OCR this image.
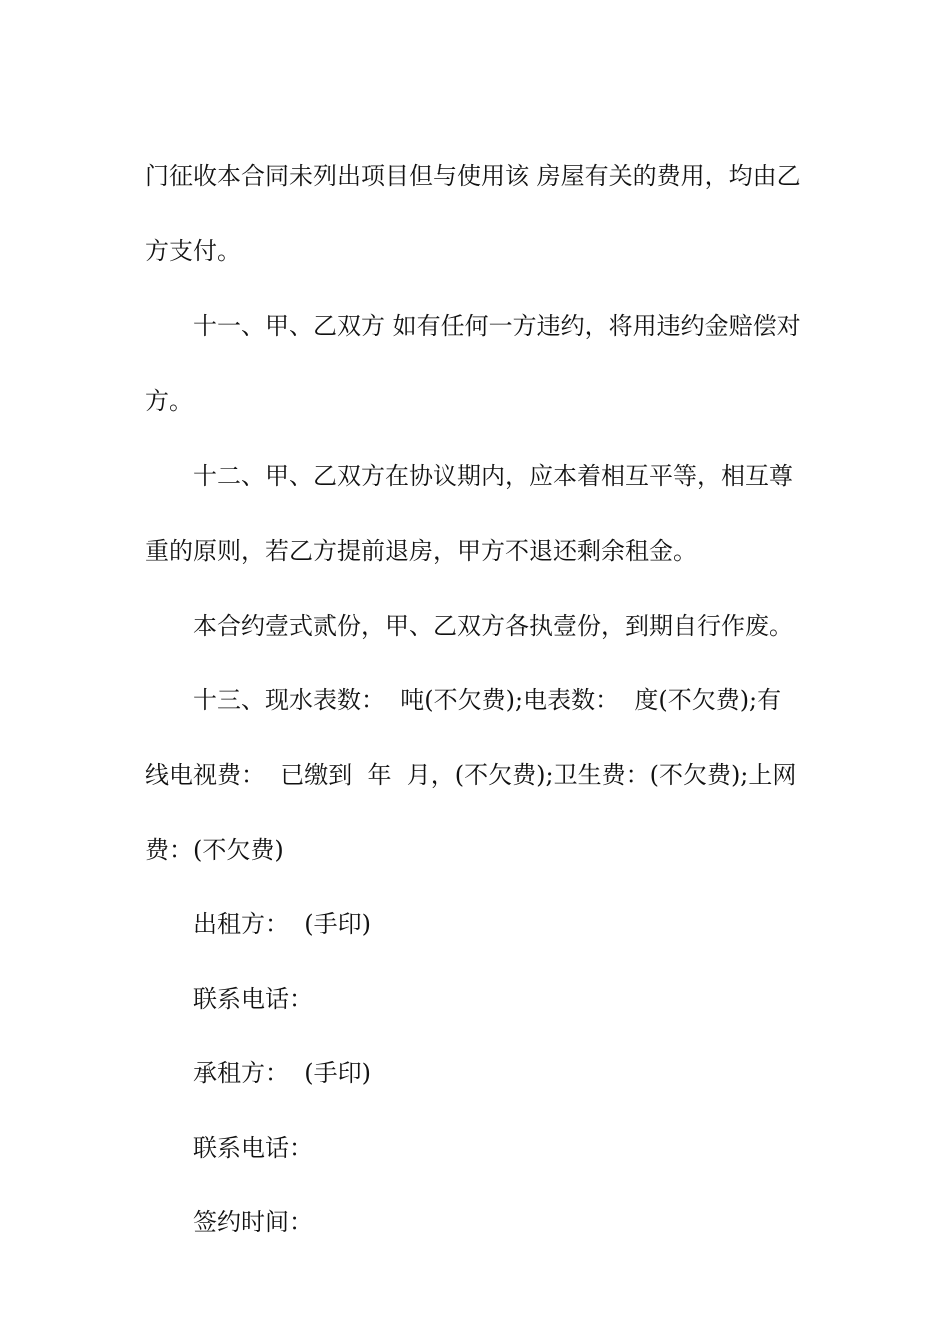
门征收本合同未列出项目但与使用该 房屋有关的费用，均由乙

方支付。

十一、甲、乙双方 如有任何一方违约，将用违约金赔偿对

方。

十二、甲、乙双方在协议期内，应本着相互平等，相互尊

重的原则，若乙方提前退房，甲方不退还剩余租金。

本合约壹式贰份，甲、乙双方各执壹份，到期自行作废。

十三、现水表数：  吨(不欠费);电表数：  度(不欠费);有

线电视费：  已缴到  年  月，(不欠费);卫生费：(不欠费);上网

费：(不欠费)

出租方：  (手印)

联系电话：

承租方：  (手印)

联系电话：

签约时间：
